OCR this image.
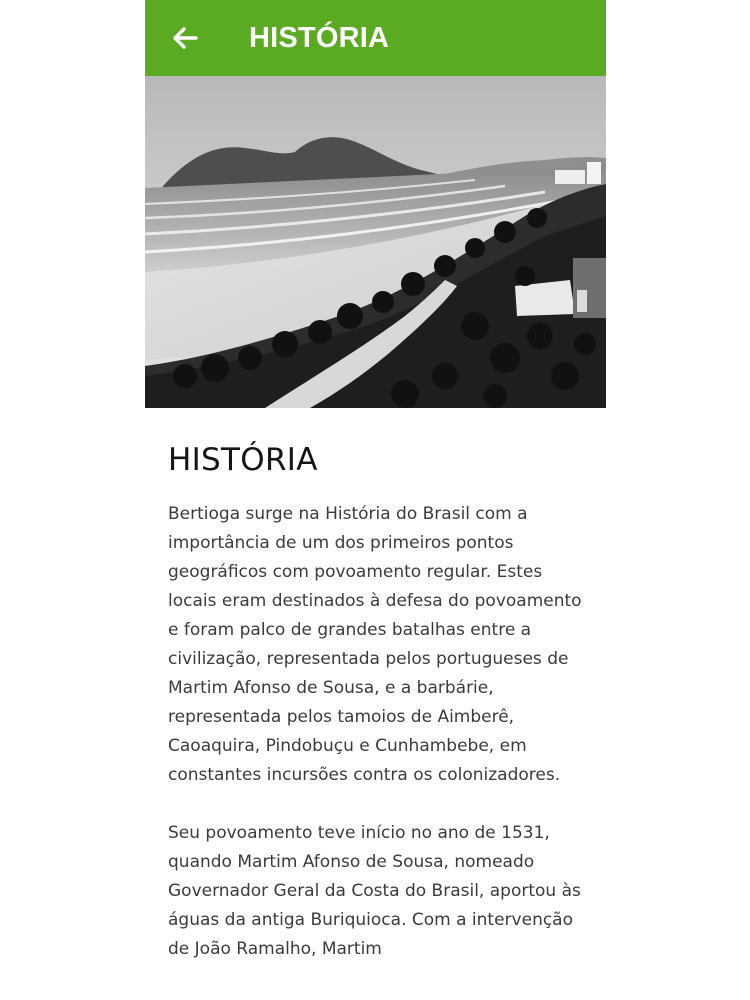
HISTÓRIA
HISTÓRIA

Bertioga surge na História do Brasil com a importância de um dos primeiros pontos geográficos com povoamento regular. Estes locais eram destinados à defesa do povoamento e foram palco de grandes batalhas entre a civilização, representada pelos portugueses de Martim Afonso de Sousa, e a barbárie, representada pelos tamoios de Aimberê, Caoaquira, Pindobuçu e Cunhambebe, em constantes incursões contra os colonizadores.

Seu povoamento teve início no ano de 1531, quando Martim Afonso de Sousa, nomeado Governador Geral da Costa do Brasil, aportou às águas da antiga Buriquioca. Com a intervenção de João Ramalho, Martim
